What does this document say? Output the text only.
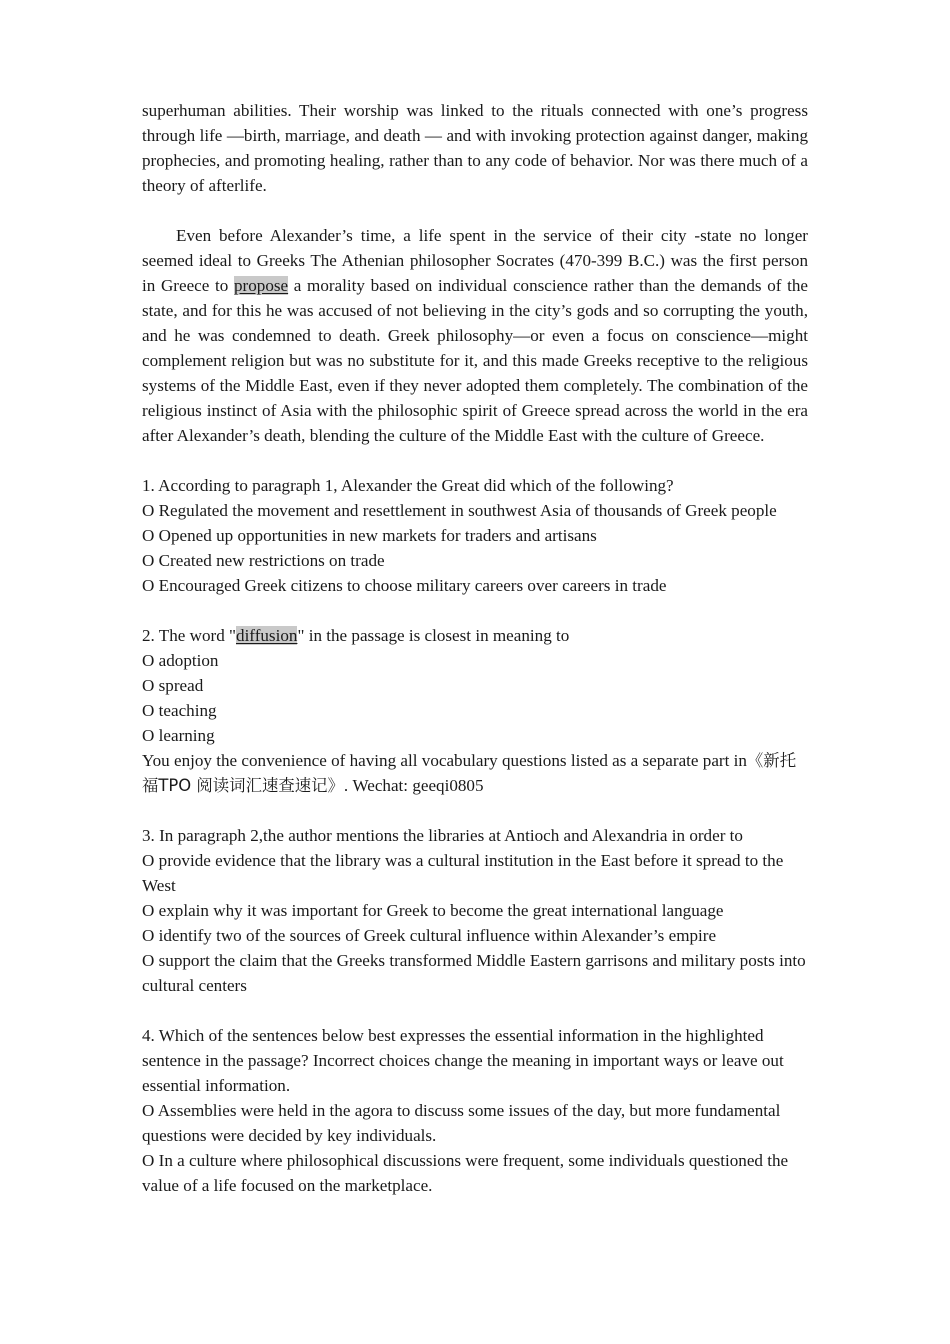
superhuman abilities. Their worship was linked to the rituals connected with one’s progress through life —birth, marriage, and death — and with invoking protection against danger, making prophecies, and promoting healing, rather than to any code of behavior. Nor was there much of a theory of afterlife.

Even before Alexander’s time, a life spent in the service of their city -state no longer seemed ideal to Greeks The Athenian philosopher Socrates (470-399 B.C.) was the first person in Greece to propose a morality based on individual conscience rather than the demands of the state, and for this he was accused of not believing in the city’s gods and so corrupting the youth, and he was condemned to death. Greek philosophy—or even a focus on conscience—might complement religion but was no substitute for it, and this made Greeks receptive to the religious systems of the Middle East, even if they never adopted them completely. The combination of the religious instinct of Asia with the philosophic spirit of Greece spread across the world in the era after Alexander’s death, blending the culture of the Middle East with the culture of Greece.

1. According to paragraph 1, Alexander the Great did which of the following?

O Regulated the movement and resettlement in southwest Asia of thousands of Greek people

O Opened up opportunities in new markets for traders and artisans

O Created new restrictions on trade

O Encouraged Greek citizens to choose military careers over careers in trade

2. The word "diffusion" in the passage is closest in meaning to

O adoption

O spread

O teaching

O learning

You enjoy the convenience of having all vocabulary questions listed as a separate part in《新托福TPO 阅读词汇速查速记》. Wechat: geeqi0805

3. In paragraph 2,the author mentions the libraries at Antioch and Alexandria in order to

O provide evidence that the library was a cultural institution in the East before it spread to the West

O explain why it was important for Greek to become the great international language

O identify two of the sources of Greek cultural influence within Alexander’s empire

O support the claim that the Greeks transformed Middle Eastern garrisons and military posts into cultural centers

4. Which of the sentences below best expresses the essential information in the highlighted sentence in the passage? Incorrect choices change the meaning in important ways or leave out essential information.

O Assemblies were held in the agora to discuss some issues of the day, but more fundamental questions were decided by key individuals.

O In a culture where philosophical discussions were frequent, some individuals questioned the value of a life focused on the marketplace.
